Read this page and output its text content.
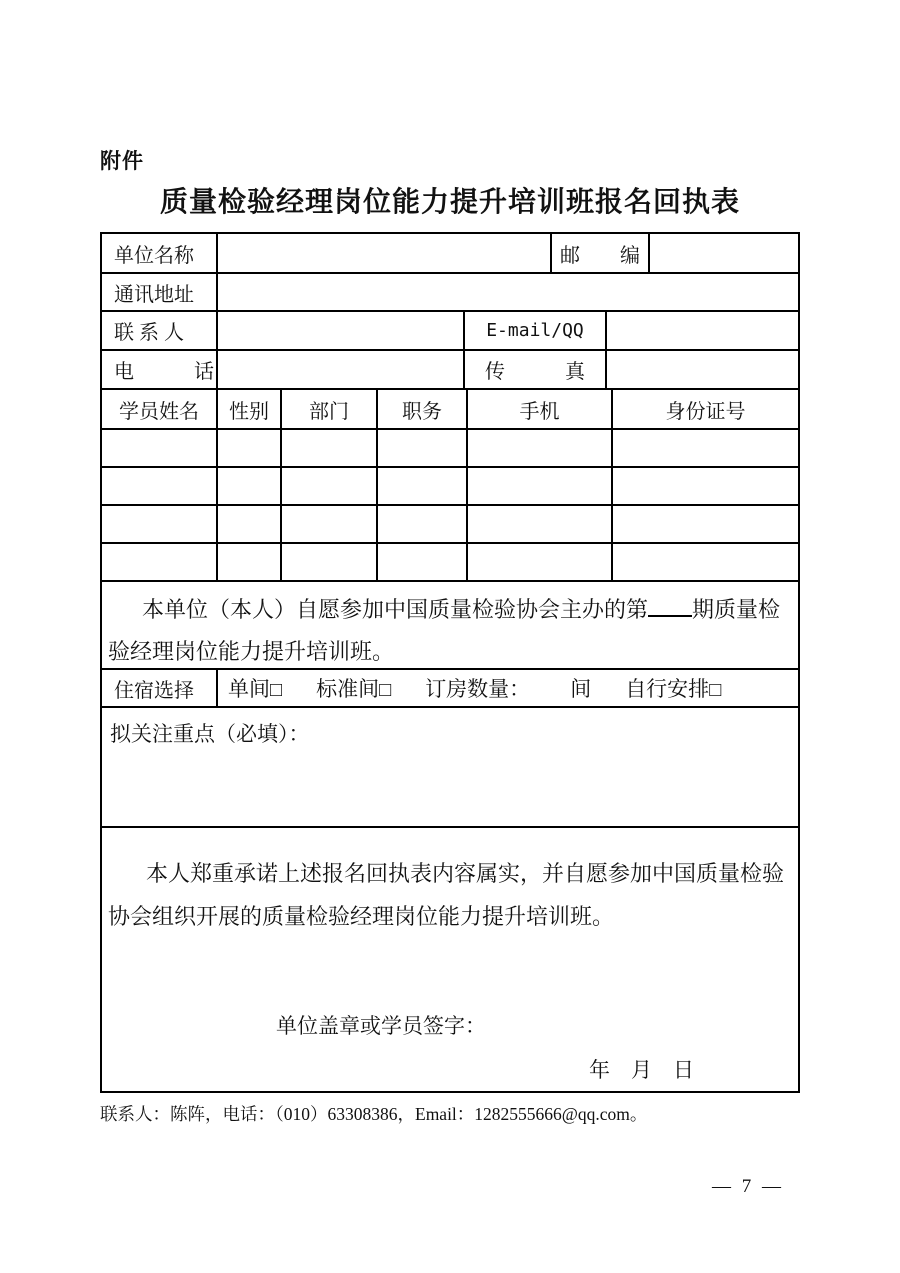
附件
质量检验经理岗位能力提升培训班报名回执表
单位名称	邮　　编
通讯地址
联 系 人	E-mail/QQ
电　　　话	传　　　真
学员姓名	性别	部门	职务	手机	身份证号
本单位（本人）自愿参加中国质量检验协会主办的第 期质量检验经理岗位能力提升培训班。
住宿选择	单间□ 标准间□ 订房数量： 间 自行安排□
拟关注重点（必填）：
本人郑重承诺上述报名回执表内容属实，并自愿参加中国质量检验协会组织开展的质量检验经理岗位能力提升培训班。
单位盖章或学员签字：
年　月　日
联系人：陈阵，电话：（010）63308386，Email：1282555666@qq.com。
— 7 —
